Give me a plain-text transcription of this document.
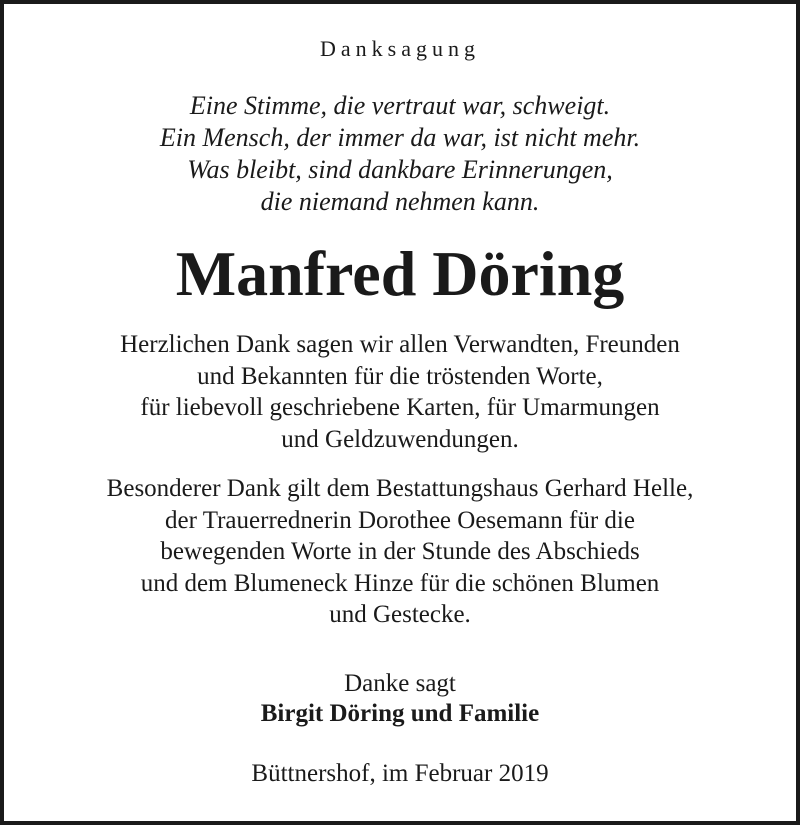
Danksagung
Eine Stimme, die vertraut war, schweigt.
Ein Mensch, der immer da war, ist nicht mehr.
Was bleibt, sind dankbare Erinnerungen,
die niemand nehmen kann.
Manfred Döring
Herzlichen Dank sagen wir allen Verwandten, Freunden
und Bekannten für die tröstenden Worte,
für liebevoll geschriebene Karten, für Umarmungen
und Geldzuwendungen.
Besonderer Dank gilt dem Bestattungshaus Gerhard Helle,
der Trauerrednerin Dorothee Oesemann für die
bewegenden Worte in der Stunde des Abschieds
und dem Blumeneck Hinze für die schönen Blumen
und Gestecke.
Danke sagt
Birgit Döring und Familie
Büttnershof, im Februar 2019
